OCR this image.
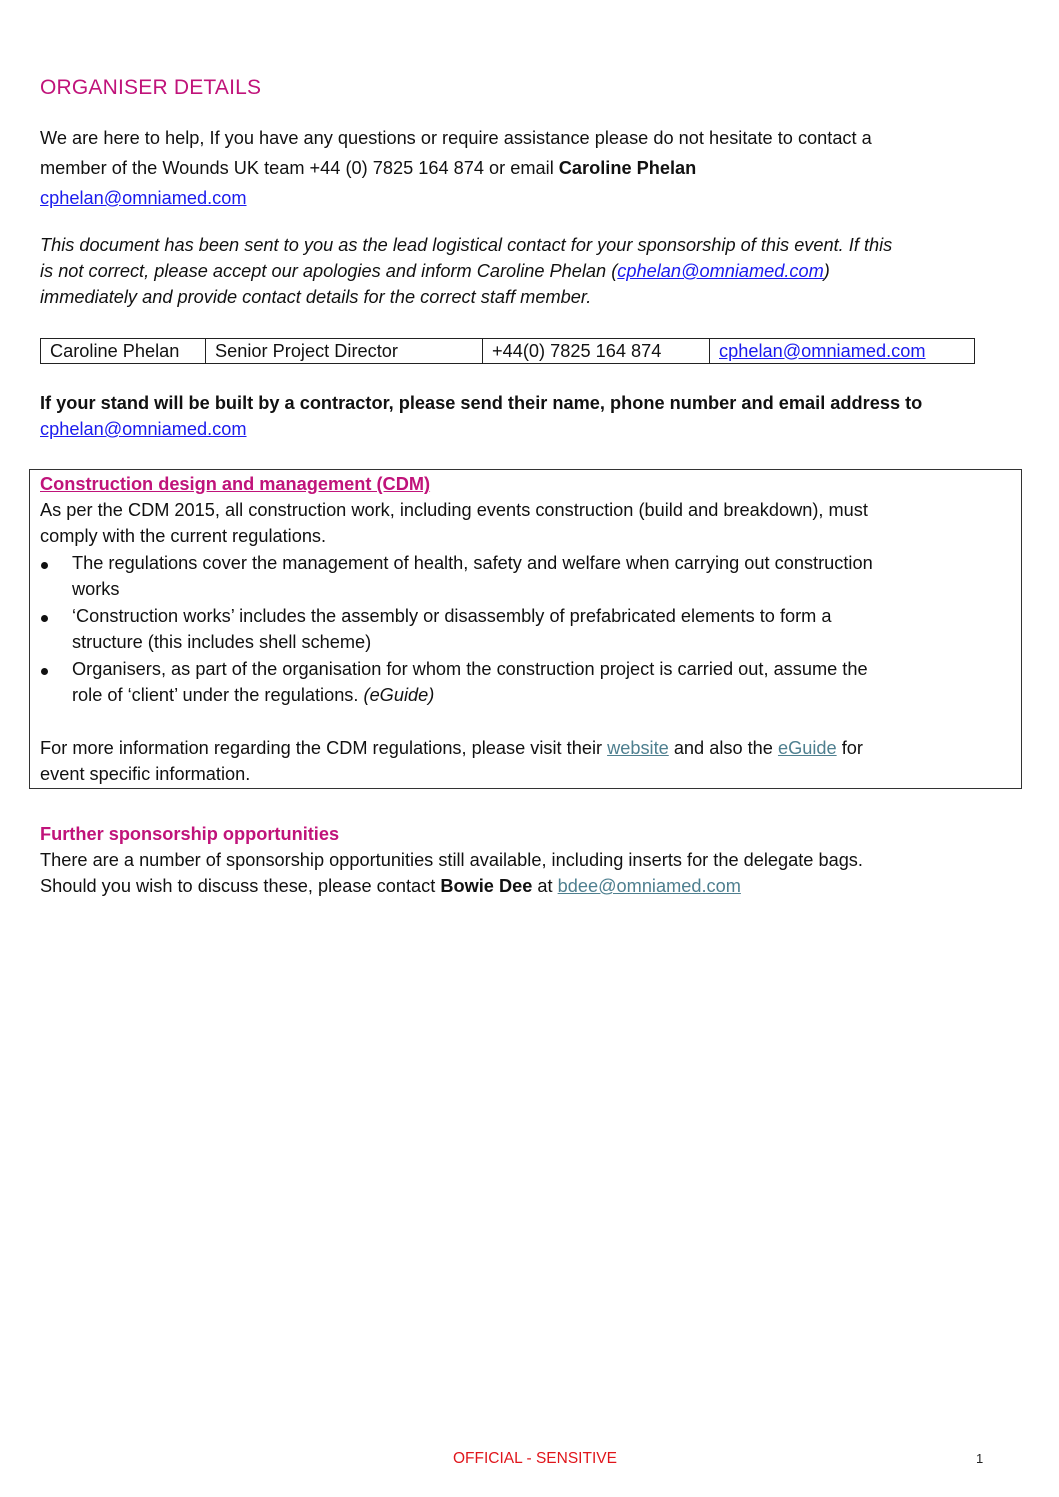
ORGANISER DETAILS
We are here to help, If you have any questions or require assistance please do not hesitate to contact a
member of the Wounds UK team +44 (0) 7825 164 874 or email Caroline Phelan
cphelan@omniamed.com
This document has been sent to you as the lead logistical contact for your sponsorship of this event. If this
is not correct, please accept our apologies and inform Caroline Phelan (cphelan@omniamed.com)
immediately and provide contact details for the correct staff member.
Caroline Phelan	Senior Project Director	+44(0) 7825 164 874	cphelan@omniamed.com
If your stand will be built by a contractor, please send their name, phone number and email address to
cphelan@omniamed.com
Construction design and management (CDM)
As per the CDM 2015, all construction work, including events construction (build and breakdown), must
comply with the current regulations.
The regulations cover the management of health, safety and welfare when carrying out construction
works
‘Construction works’ includes the assembly or disassembly of prefabricated elements to form a
structure (this includes shell scheme)
Organisers, as part of the organisation for whom the construction project is carried out, assume the
role of ‘client’ under the regulations. (eGuide)
For more information regarding the CDM regulations, please visit their website and also the eGuide for
event specific information.
Further sponsorship opportunities
There are a number of sponsorship opportunities still available, including inserts for the delegate bags.
Should you wish to discuss these, please contact Bowie Dee at bdee@omniamed.com
OFFICIAL - SENSITIVE	1
